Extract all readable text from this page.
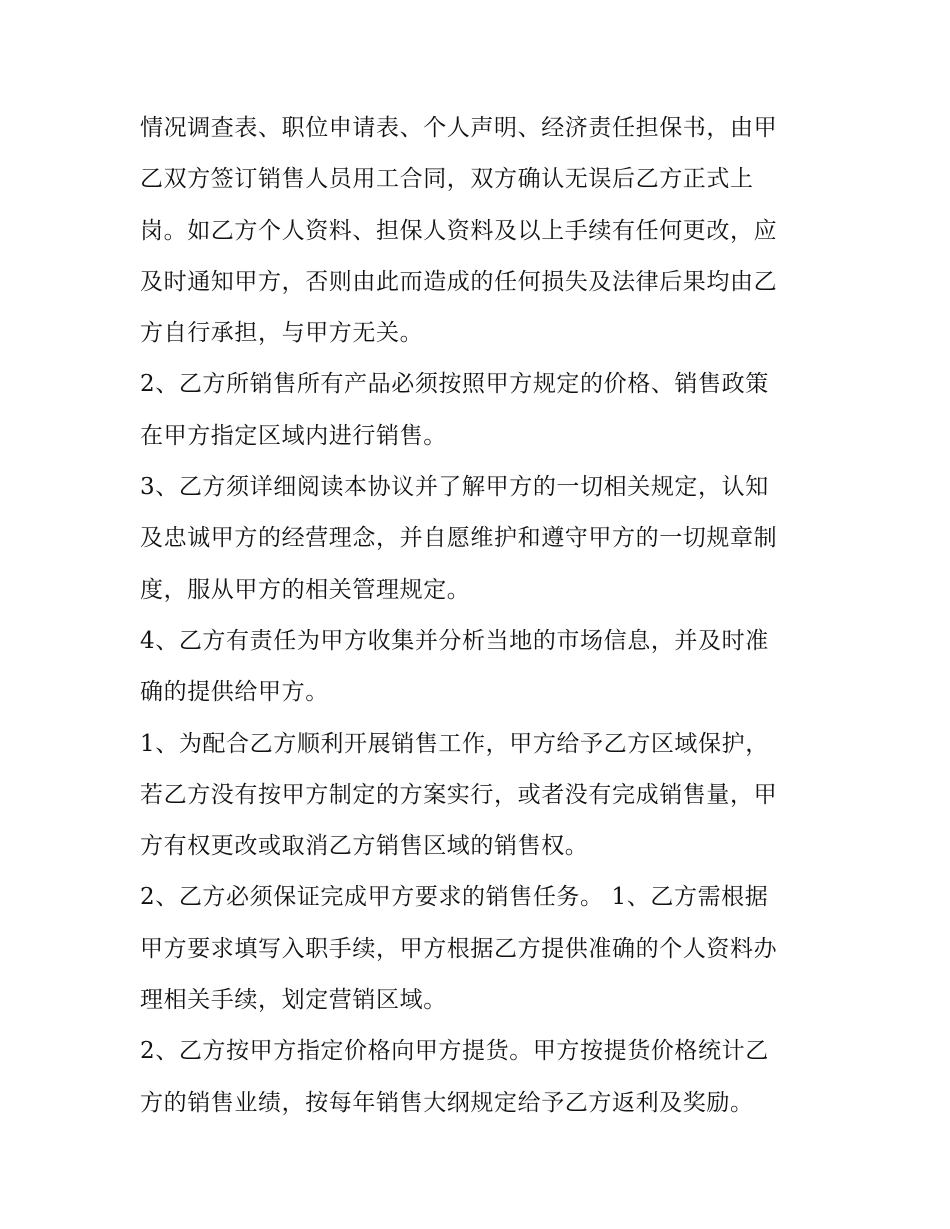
情况调查表、职位申请表、个人声明、经济责任担保书，由甲
乙双方签订销售人员用工合同，双方确认无误后乙方正式上
岗。如乙方个人资料、担保人资料及以上手续有任何更改，应
及时通知甲方，否则由此而造成的任何损失及法律后果均由乙
方自行承担，与甲方无关。
2、乙方所销售所有产品必须按照甲方规定的价格、销售政策
在甲方指定区域内进行销售。
3、乙方须详细阅读本协议并了解甲方的一切相关规定，认知
及忠诚甲方的经营理念，并自愿维护和遵守甲方的一切规章制
度，服从甲方的相关管理规定。
4、乙方有责任为甲方收集并分析当地的市场信息，并及时准
确的提供给甲方。
1、为配合乙方顺利开展销售工作，甲方给予乙方区域保护，
若乙方没有按甲方制定的方案实行，或者没有完成销售量，甲
方有权更改或取消乙方销售区域的销售权。
2、乙方必须保证完成甲方要求的销售任务。 1、乙方需根据
甲方要求填写入职手续，甲方根据乙方提供准确的个人资料办
理相关手续，划定营销区域。
2、乙方按甲方指定价格向甲方提货。甲方按提货价格统计乙
方的销售业绩，按每年销售大纲规定给予乙方返利及奖励。
